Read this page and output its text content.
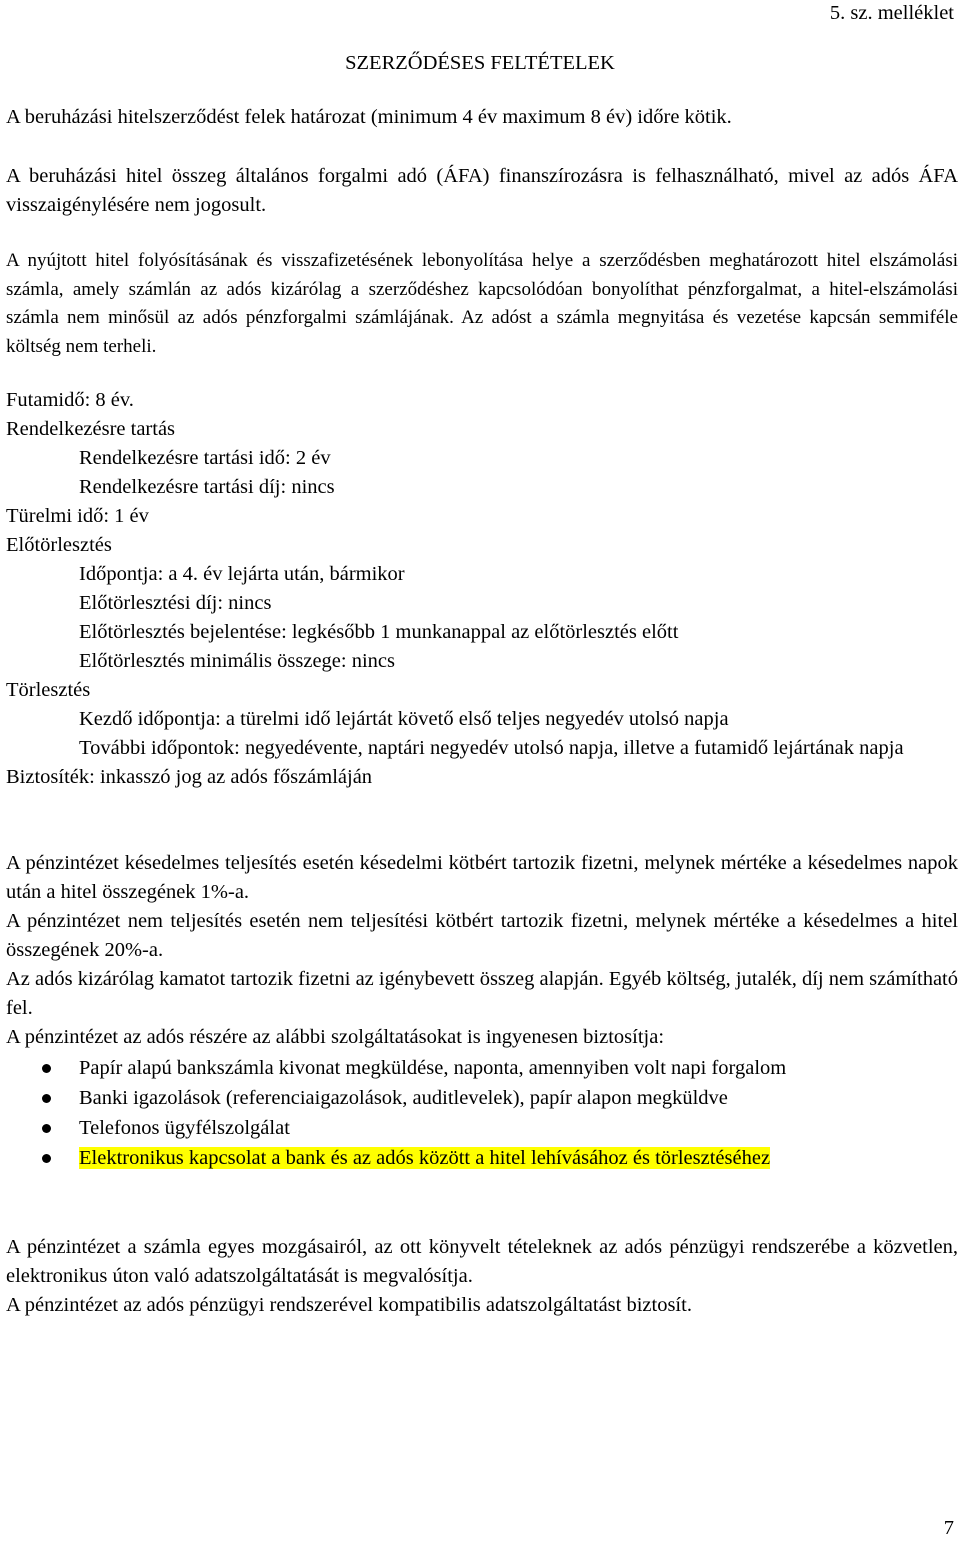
5. sz. melléklet
SZERZŐDÉSES FELTÉTELEK

A beruházási hitelszerződést felek határozat (minimum 4 év maximum 8 év) időre kötik.

A beruházási hitel összeg általános forgalmi adó (ÁFA) finanszírozásra is felhasználható, mivel az adós ÁFA visszaigénylésére nem jogosult.

A nyújtott hitel folyósításának és visszafizetésének lebonyolítása helye a szerződésben meghatározott hitel elszámolási számla, amely számlán az adós kizárólag a szerződéshez kapcsolódóan bonyolíthat pénzforgalmat, a hitel-elszámolási számla nem minősül az adós pénzforgalmi számlájának. Az adóst a számla megnyitása és vezetése kapcsán semmiféle költség nem terheli.

Futamidő: 8 év.

Rendelkezésre tartás

Rendelkezésre tartási idő: 2 év

Rendelkezésre tartási díj: nincs

Türelmi idő: 1 év

Előtörlesztés

Időpontja: a 4. év lejárta után, bármikor

Előtörlesztési díj: nincs

Előtörlesztés bejelentése: legkésőbb 1 munkanappal az előtörlesztés előtt

Előtörlesztés minimális összege: nincs

Törlesztés

Kezdő időpontja: a türelmi idő lejártát követő első teljes negyedév utolsó napja

További időpontok: negyedévente, naptári negyedév utolsó napja, illetve a futamidő lejártának napja

Biztosíték: inkasszó jog az adós főszámláján

A pénzintézet késedelmes teljesítés esetén késedelmi kötbért tartozik fizetni, melynek mértéke a késedelmes napok után a hitel összegének 1%-a.

A pénzintézet nem teljesítés esetén nem teljesítési kötbért tartozik fizetni, melynek mértéke a késedelmes a hitel összegének 20%-a.

Az adós kizárólag kamatot tartozik fizetni az igénybevett összeg alapján. Egyéb költség, jutalék, díj nem számítható fel.

A pénzintézet az adós részére az alábbi szolgáltatásokat is ingyenesen biztosítja:

Papír alapú bankszámla kivonat megküldése, naponta, amennyiben volt napi forgalom
Banki igazolások (referenciaigazolások, auditlevelek), papír alapon megküldve
Telefonos ügyfélszolgálat
Elektronikus kapcsolat a bank és az adós között a hitel lehívásához és törlesztéséhez

A pénzintézet a számla egyes mozgásairól, az ott könyvelt tételeknek az adós pénzügyi rendszerébe a közvetlen, elektronikus úton való adatszolgáltatását is megvalósítja.

A pénzintézet az adós pénzügyi rendszerével kompatibilis adatszolgáltatást biztosít.

7
